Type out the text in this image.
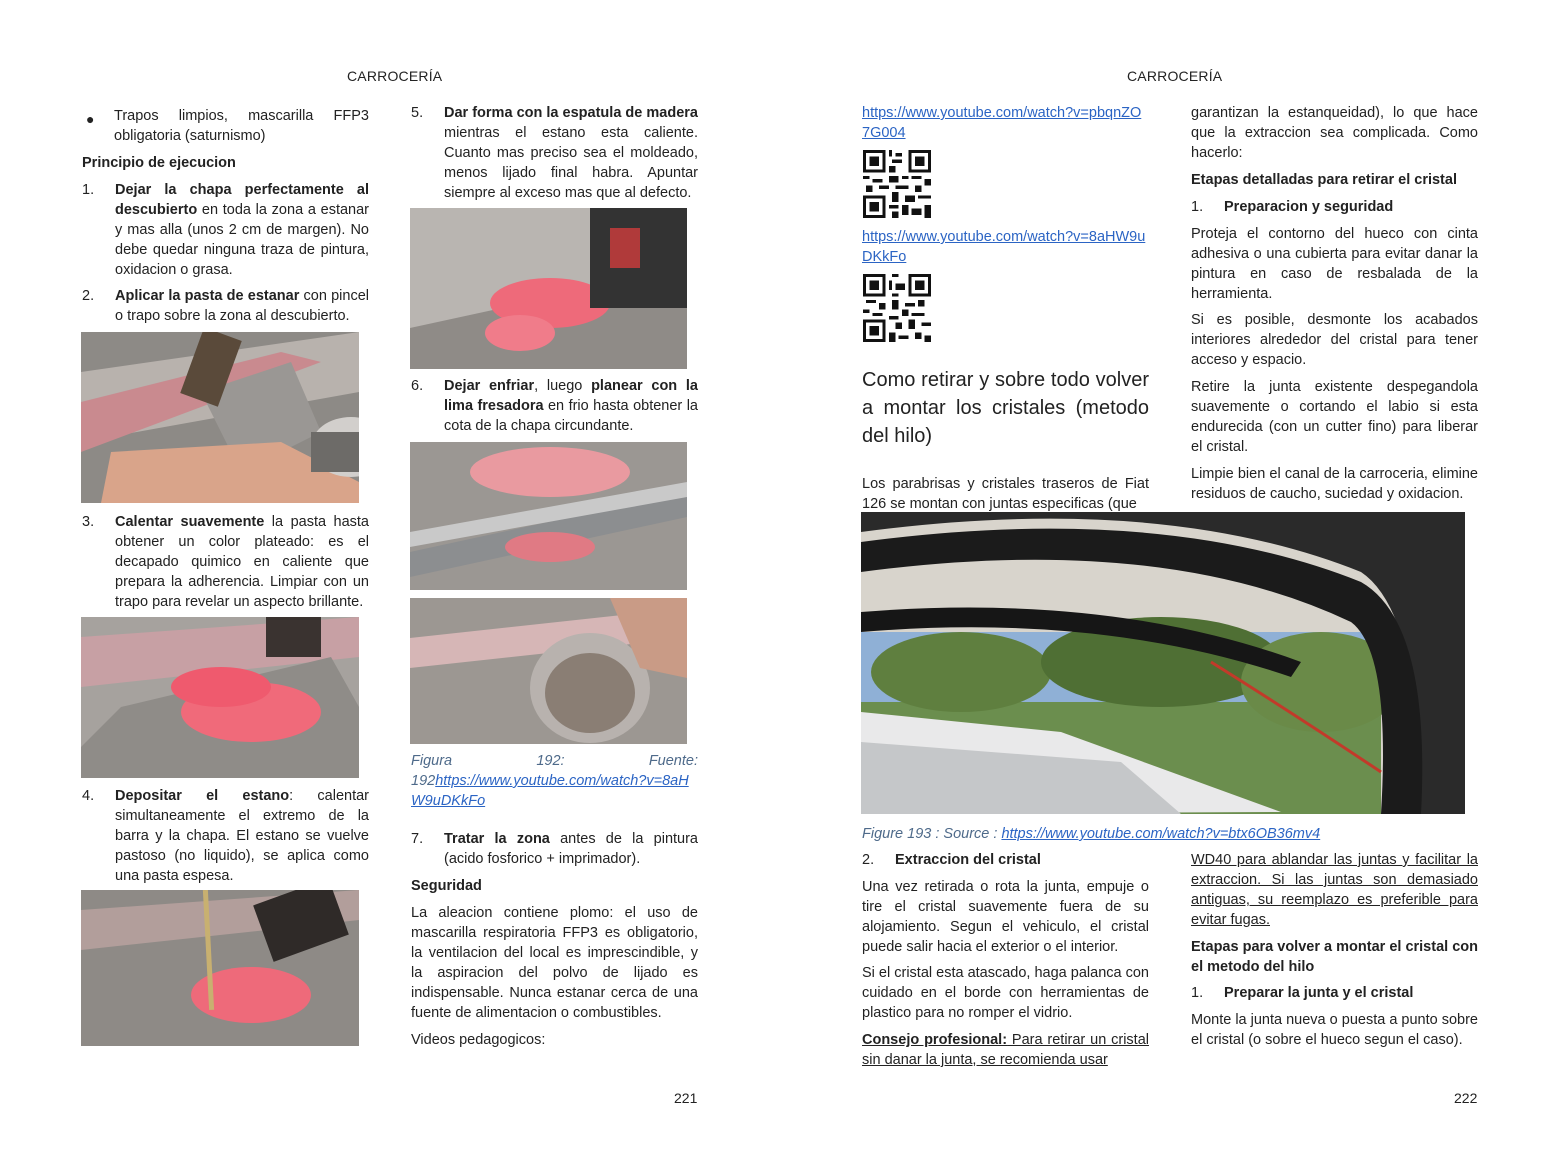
CARROCERÍA
● Trapos limpios, mascarilla FFP3 obligatoria (saturnismo)
Principio de ejecucion
1. Dejar la chapa perfectamente al descubierto en toda la zona a estanar y mas alla (unos 2 cm de margen). No debe quedar ninguna traza de pintura, oxidacion o grasa.
2. Aplicar la pasta de estanar con pincel o trapo sobre la zona al descubierto.
3. Calentar suavemente la pasta hasta obtener un color plateado: es el decapado quimico en caliente que prepara la adherencia. Limpiar con un trapo para revelar un aspecto brillante.
4. Depositar el estano: calentar simultaneamente el extremo de la barra y la chapa. El estano se vuelve pastoso (no liquido), se aplica como una pasta espesa.
5. Dar forma con la espatula de madera mientras el estano esta caliente. Cuanto mas preciso sea el moldeado, menos lijado final habra. Apuntar siempre al exceso mas que al defecto.
6. Dejar enfriar, luego planear con la lima fresadora en frio hasta obtener la cota de la chapa circundante.
Figura	192:	Fuente:
192https://www.youtube.com/watch?v=8aHW9uDKkFo
7. Tratar la zona antes de la pintura (acido fosforico + imprimador).
Seguridad
La aleacion contiene plomo: el uso de mascarilla respiratoria FFP3 es obligatorio, la ventilacion del local es imprescindible, y la aspiracion del polvo de lijado es indispensable. Nunca estanar cerca de una fuente de alimentacion o combustibles.
Videos pedagogicos:
221
CARROCERÍA
https://www.youtube.com/watch?v=pbqnZO7G004
https://www.youtube.com/watch?v=8aHW9uDKkFo
Como retirar y sobre todo volver a montar los cristales (metodo del hilo)
Los parabrisas y cristales traseros de Fiat 126 se montan con juntas especificas (que
garantizan la estanqueidad), lo que hace que la extraccion sea complicada. Como hacerlo:
Etapas detalladas para retirar el cristal
1. Preparacion y seguridad
Proteja el contorno del hueco con cinta adhesiva o una cubierta para evitar danar la pintura en caso de resbalada de la herramienta.
Si es posible, desmonte los acabados interiores alrededor del cristal para tener acceso y espacio.
Retire la junta existente despegandola suavemente o cortando el labio si esta endurecida (con un cutter fino) para liberar el cristal.
Limpie bien el canal de la carroceria, elimine residuos de caucho, suciedad y oxidacion.
Figure 193 : Source : https://www.youtube.com/watch?v=btx6OB36mv4
2. Extraccion del cristal
Una vez retirada o rota la junta, empuje o tire el cristal suavemente fuera de su alojamiento. Segun el vehiculo, el cristal puede salir hacia el exterior o el interior.
Si el cristal esta atascado, haga palanca con cuidado en el borde con herramientas de plastico para no romper el vidrio.
Consejo profesional: Para retirar un cristal sin danar la junta, se recomienda usar
WD40 para ablandar las juntas y facilitar la extraccion. Si las juntas son demasiado antiguas, su reemplazo es preferible para evitar fugas.
Etapas para volver a montar el cristal con el metodo del hilo
1. Preparar la junta y el cristal
Monte la junta nueva o puesta a punto sobre el cristal (o sobre el hueco segun el caso).
222
